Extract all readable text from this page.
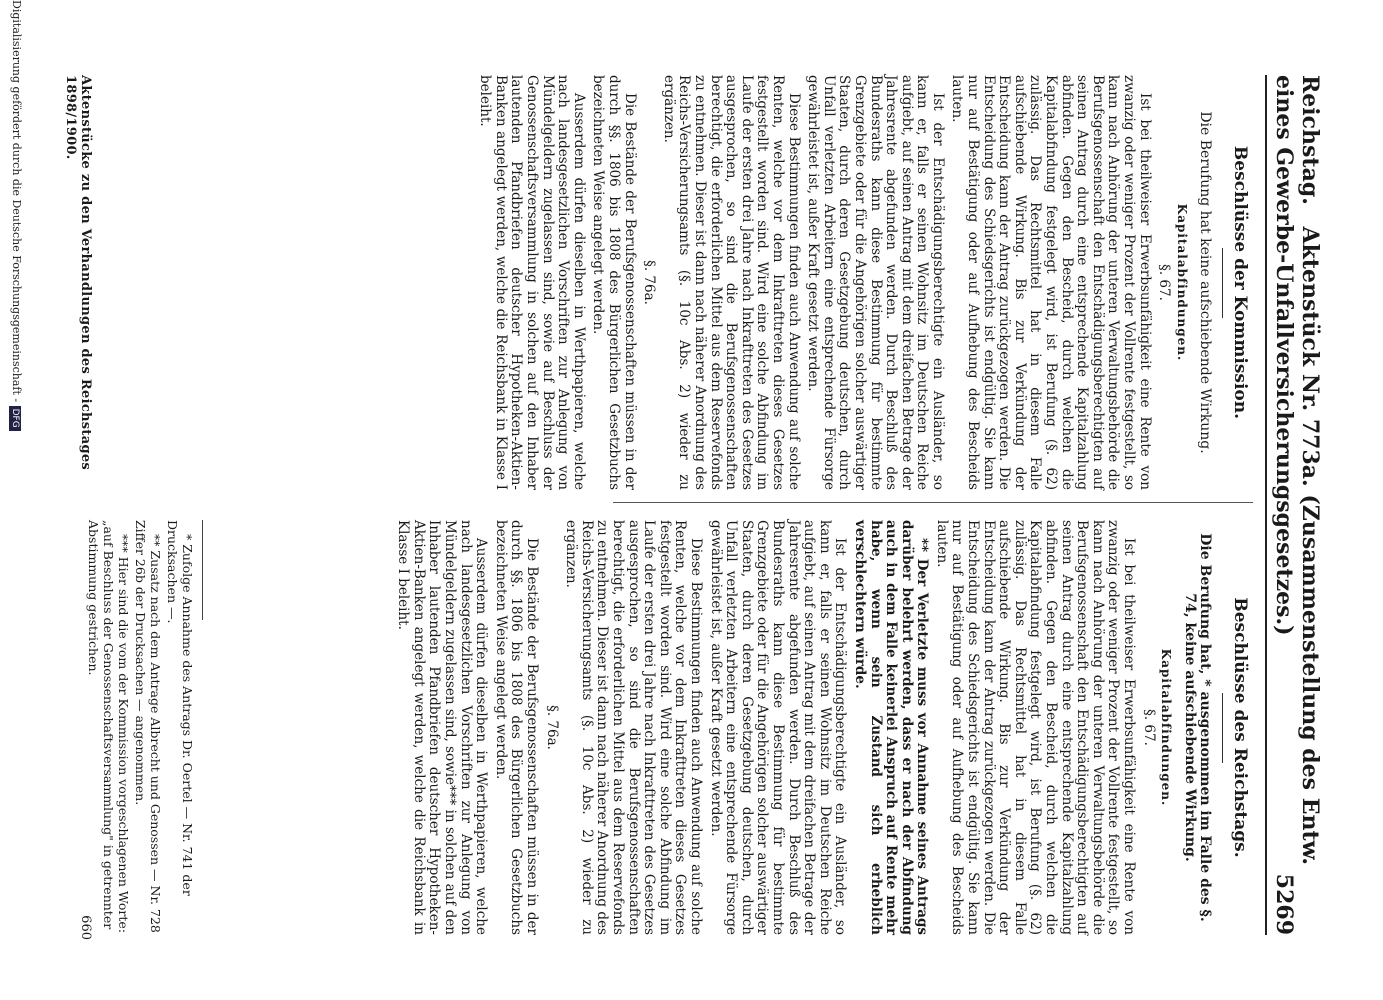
Reichstag. Aktenstück Nr. 773a. (Zusammenstellung des Entw. eines Gewerbe-Unfallversicherungsgesetzes.)
5269
Beschlüsse der Kommission.
Die Berufung hat keine aufschiebende Wirkung.
Kapitalabfindungen.
§. 67.

Ist bei theilweiser Erwerbsunfähigkeit eine Rente von zwanzig oder weniger Prozent der Vollrente festgestellt, so kann nach Anhörung der unteren Verwaltungsbehörde die Berufsgenossenschaft den Entschädigungsberechtigten auf seinen Antrag durch eine entsprechende Kapitalzahlung abfinden. Gegen den Bescheid, durch welchen die Kapitalabfindung festgelegt wird, ist Berufung (§. 62) zulässig. Das Rechtsmittel hat in diesem Falle aufschiebende Wirkung. Bis zur Verkündung der Entscheidung kann der Antrag zurückgezogen werden. Die Entscheidung des Schiedsgerichts ist endgültig. Sie kann nur auf Bestätigung oder auf Aufhebung des Bescheids lauten.

Ist der Entschädigungsberechtigte ein Ausländer, so kann er, falls er seinen Wohnsitz im Deutschen Reiche aufgiebt, auf seinen Antrag mit dem dreifachen Betrage der Jahresrente abgefunden werden. Durch Beschluß des Bundesraths kann diese Bestimmung für bestimmte Grenzgebiete oder für die Angehörigen solcher auswärtiger Staaten, durch deren Gesetzgebung deutschen, durch Unfall verletzten Arbeitern eine entsprechende Fürsorge gewährleistet ist, außer Kraft gesetzt werden.

Diese Bestimmungen finden auch Anwendung auf solche Renten, welche vor dem Inkrafttreten dieses Gesetzes festgestellt worden sind. Wird eine solche Abfindung im Laufe der ersten drei Jahre nach Inkrafttreten des Gesetzes ausgesprochen, so sind die Berufsgenossenschaften berechtigt, die erforderlichen Mittel aus dem Reservefonds zu entnehmen. Dieser ist dann nach näherer Anordnung des Reichs-Versicherungsamts (§. 10c Abs. 2) wieder zu ergänzen.

§. 76a.

Die Bestände der Berufsgenossenschaften müssen in der durch §§. 1806 bis 1808 des Bürgerlichen Gesetzbuchs bezeichneten Weise angelegt werden.

Ausserdem dürfen dieselben in Werthpapieren, welche nach landesgesetzlichen Vorschriften zur Anlegung von Mündelgeldern zugelassen sind, sowie auf Beschluss der Genossenschaftsversammlung in solchen auf den Inhaber lautenden Pfandbriefen deutscher Hypotheken-Aktien-Banken angelegt werden, welche die Reichsbank in Klasse I beleiht.

Beschlüsse des Reichstags.
Die Berufung hat, * ausgenommen im Falle des §. 74, keine aufschiebende Wirkung.
Kapitalabfindungen.
§. 67.

Ist bei theilweiser Erwerbsunfähigkeit eine Rente von zwanzig oder weniger Prozent der Vollrente festgestellt, so kann nach Anhörung der unteren Verwaltungsbehörde die Berufsgenossenschaft den Entschädigungsberechtigten auf seinen Antrag durch eine entsprechende Kapitalzahlung abfinden. Gegen den Bescheid, durch welchen die Kapitalabfindung festgelegt wird, ist Berufung (§. 62) zulässig. Das Rechtsmittel hat in diesem Falle aufschiebende Wirkung. Bis zur Verkündung der Entscheidung kann der Antrag zurückgezogen werden. Die Entscheidung des Schiedsgerichts ist endgültig. Sie kann nur auf Bestätigung oder auf Aufhebung des Bescheids lauten.

** Der Verletzte muss vor Annahme seines Antrags darüber belehrt werden, dass er nach der Abfindung auch in dem Falle keinerlei Anspruch auf Rente mehr habe, wenn sein Zustand sich erheblich verschlechtern würde.

Ist der Entschädigungsberechtigte ein Ausländer, so kann er, falls er seinen Wohnsitz im Deutschen Reiche aufgiebt, auf seinen Antrag mit dem dreifachen Betrage der Jahresrente abgefunden werden. Durch Beschluß des Bundesraths kann diese Bestimmung für bestimmte Grenzgebiete oder für die Angehörigen solcher auswärtiger Staaten, durch deren Gesetzgebung deutschen, durch Unfall verletzten Arbeitern eine entsprechende Fürsorge gewährleistet ist, außer Kraft gesetzt werden.

Diese Bestimmungen finden auch Anwendung auf solche Renten, welche vor dem Inkrafttreten dieses Gesetzes festgestellt worden sind. Wird eine solche Abfindung im Laufe der ersten drei Jahre nach Inkrafttreten des Gesetzes ausgesprochen, so sind die Berufsgenossenschaften berechtigt, die erforderlichen Mittel aus dem Reservefonds zu entnehmen. Dieser ist dann nach näherer Anordnung des Reichs-Versicherungsamts (§. 10c Abs. 2) wieder zu ergänzen.

§. 76a.

Die Bestände der Berufsgenossenschaften müssen in der durch §§. 1806 bis 1808 des Bürgerlichen Gesetzbuchs bezeichneten Weise angelegt werden.

Ausserdem dürfen dieselben in Werthpapieren, welche nach landesgesetzlichen Vorschriften zur Anlegung von Mündelgeldern zugelassen sind, sowie*** in solchen auf den Inhaber lautenden Pfandbriefen deutscher Hypotheken-Aktien-Banken angelegt werden, welche die Reichsbank in Klasse I beleiht.

* Zufolge Annahme des Antrags Dr. Oertel — Nr. 741 der Drucksachen —.
** Zusatz nach dem Antrage Albrecht und Genossen — Nr. 728 Ziffer 26b der Drucksachen — angenommen.
*** Hier sind die vom der Kommission vorgeschlagenen Worte: „auf Beschluss der Genossenschaftsversammlung" in getrennter Abstimmung gestrichen.
Aktenstücke zu den Verhandlungen des Reichstages 1898/1900.
660
Digitalisierung gefördert durch die Deutsche Forschungsgemeinschaft - DFG
